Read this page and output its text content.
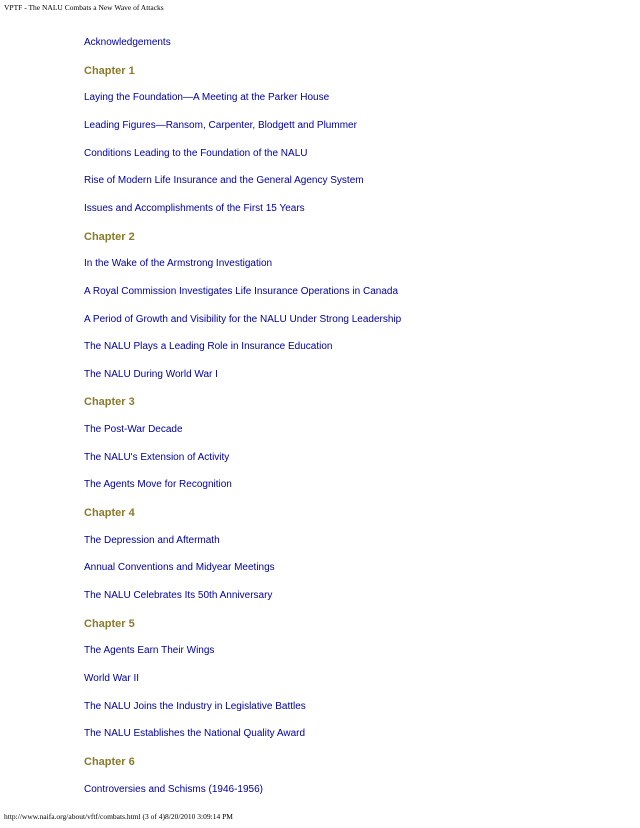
VPTF - The NALU Combats a New Wave of Attacks
Acknowledgements
Chapter 1
Laying the Foundation—A Meeting at the Parker House
Leading Figures—Ransom, Carpenter, Blodgett and Plummer
Conditions Leading to the Foundation of the NALU
Rise of Modern Life Insurance and the General Agency System
Issues and Accomplishments of the First 15 Years
Chapter 2
In the Wake of the Armstrong Investigation
A Royal Commission Investigates Life Insurance Operations in Canada
A Period of Growth and Visibility for the NALU Under Strong Leadership
The NALU Plays a Leading Role in Insurance Education
The NALU During World War I
Chapter 3
The Post-War Decade
The NALU's Extension of Activity
The Agents Move for Recognition
Chapter 4
The Depression and Aftermath
Annual Conventions and Midyear Meetings
The NALU Celebrates Its 50th Anniversary
Chapter 5
The Agents Earn Their Wings
World War II
The NALU Joins the Industry in Legislative Battles
The NALU Establishes the National Quality Award
Chapter 6
Controversies and Schisms (1946-1956)
http://www.naifa.org/about/vftf/combats.html (3 of 4)8/20/2010 3:09:14 PM
